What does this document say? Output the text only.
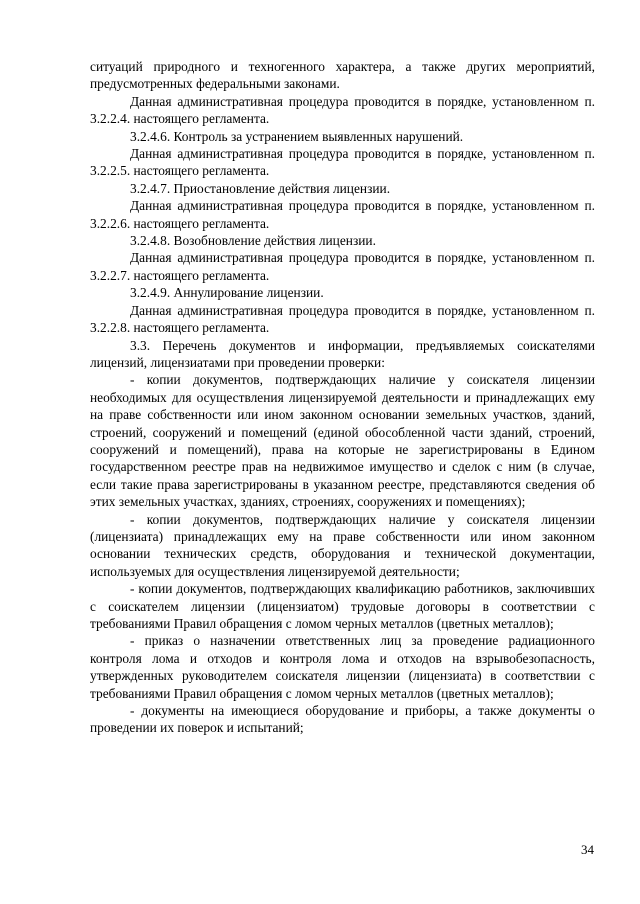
ситуаций природного и техногенного характера, а также других мероприятий, предусмотренных федеральными законами.

Данная административная процедура проводится в порядке, установленном п. 3.2.2.4. настоящего регламента.

3.2.4.6. Контроль за устранением выявленных нарушений.

Данная административная процедура проводится в порядке, установленном п. 3.2.2.5. настоящего регламента.

3.2.4.7. Приостановление действия лицензии.

Данная административная процедура проводится в порядке, установленном п. 3.2.2.6. настоящего регламента.

3.2.4.8. Возобновление действия лицензии.

Данная административная процедура проводится в порядке, установленном п. 3.2.2.7. настоящего регламента.

3.2.4.9. Аннулирование лицензии.

Данная административная процедура проводится в порядке, установленном п. 3.2.2.8. настоящего регламента.

3.3. Перечень документов и информации, предъявляемых соискателями лицензий, лицензиатами при проведении проверки:

- копии документов, подтверждающих наличие у соискателя лицензии необходимых для осуществления лицензируемой деятельности и принадлежащих ему на праве собственности или ином законном основании земельных участков, зданий, строений, сооружений и помещений (единой обособленной части зданий, строений, сооружений и помещений), права на которые не зарегистрированы в Едином государственном реестре прав на недвижимое имущество и сделок с ним (в случае, если такие права зарегистрированы в указанном реестре, представляются сведения об этих земельных участках, зданиях, строениях, сооружениях и помещениях);

- копии документов, подтверждающих наличие у соискателя лицензии (лицензиата) принадлежащих ему на праве собственности или ином законном основании технических средств, оборудования и технической документации, используемых для осуществления лицензируемой деятельности;

- копии документов, подтверждающих квалификацию работников, заключивших с соискателем лицензии (лицензиатом) трудовые договоры в соответствии с требованиями Правил обращения с ломом черных металлов (цветных металлов);

- приказ о назначении ответственных лиц за проведение радиационного контроля лома и отходов и контроля лома и отходов на взрывобезопасность, утвержденных руководителем соискателя лицензии (лицензиата) в соответствии с требованиями Правил обращения с ломом черных металлов (цветных металлов);

- документы на имеющиеся оборудование и приборы, а также документы о проведении их поверок и испытаний;

34
